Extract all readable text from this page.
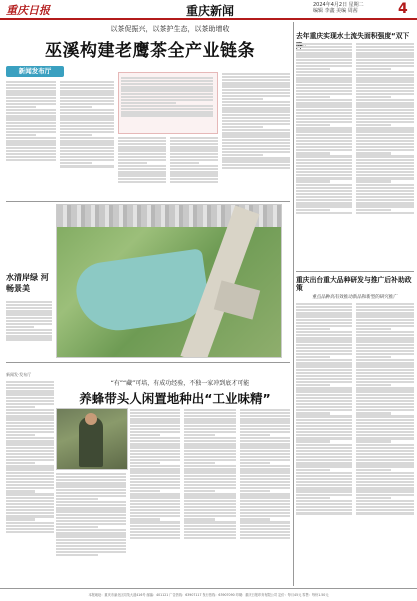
重庆日报	重庆新闻	2024年4月2日 星期二
编辑 李鑫 美编 周茜	4
以茶促振兴，以茶护生态，以茶助增收
巫溪构建老鹰茶全产业链条
新闻发布厅
水清岸绿 河畅景美
新闻发·发布厅
“有”“藏”可培，有成功经验，不独一家冲到底才可能
养蜂带头人闲置地种出“工业味精”
去年重庆实现水土流失面积强度“双下
重庆出台重大品种研发与推广后补助政策
重点品种高有效推动新品和新型的研究推广
本报地址：重庆市渝北区同茂大道416号 邮编：401121 广告热线：63907117 发行热线：63907090 印刷：重庆日报印务有限公司 定价：每月45元 零售：每份1.50元
